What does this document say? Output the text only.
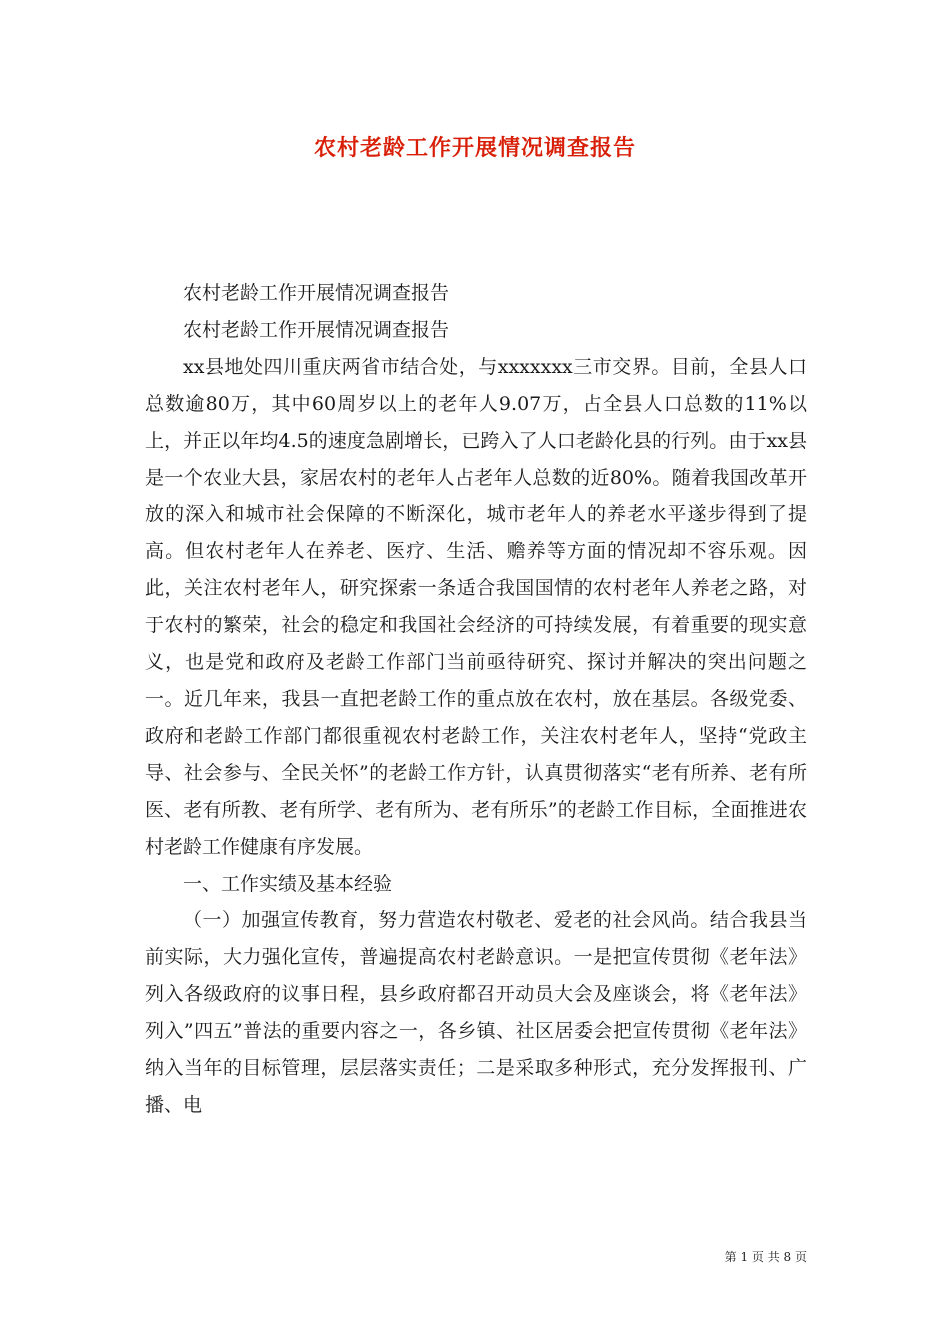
农村老龄工作开展情况调查报告

农村老龄工作开展情况调查报告

农村老龄工作开展情况调查报告

xx县地处四川重庆两省市结合处，与xxxxxxx三市交界。目前，全县人口总数逾80万，其中60周岁以上的老年人9.07万，占全县人口总数的11%以上，并正以年均4.5的速度急剧增长，已跨入了人口老龄化县的行列。由于xx县是一个农业大县，家居农村的老年人占老年人总数的近80%。随着我国改革开放的深入和城市社会保障的不断深化，城市老年人的养老水平遂步得到了提高。但农村老年人在养老、医疗、生活、赡养等方面的情况却不容乐观。因此，关注农村老年人，研究探索一条适合我国国情的农村老年人养老之路，对于农村的繁荣，社会的稳定和我国社会经济的可持续发展，有着重要的现实意义，也是党和政府及老龄工作部门当前亟待研究、探讨并解决的突出问题之一。近几年来，我县一直把老龄工作的重点放在农村，放在基层。各级党委、政府和老龄工作部门都很重视农村老龄工作，关注农村老年人，坚持“党政主导、社会参与、全民关怀”的老龄工作方针，认真贯彻落实“老有所养、老有所医、老有所教、老有所学、老有所为、老有所乐”的老龄工作目标，全面推进农村老龄工作健康有序发展。

一、工作实绩及基本经验

（一）加强宣传教育，努力营造农村敬老、爱老的社会风尚。结合我县当前实际，大力强化宣传，普遍提高农村老龄意识。一是把宣传贯彻《老年法》列入各级政府的议事日程，县乡政府都召开动员大会及座谈会，将《老年法》列入”四五”普法的重要内容之一，各乡镇、社区居委会把宣传贯彻《老年法》纳入当年的目标管理，层层落实责任；二是采取多种形式，充分发挥报刊、广播、电

第 1 页 共 8 页
